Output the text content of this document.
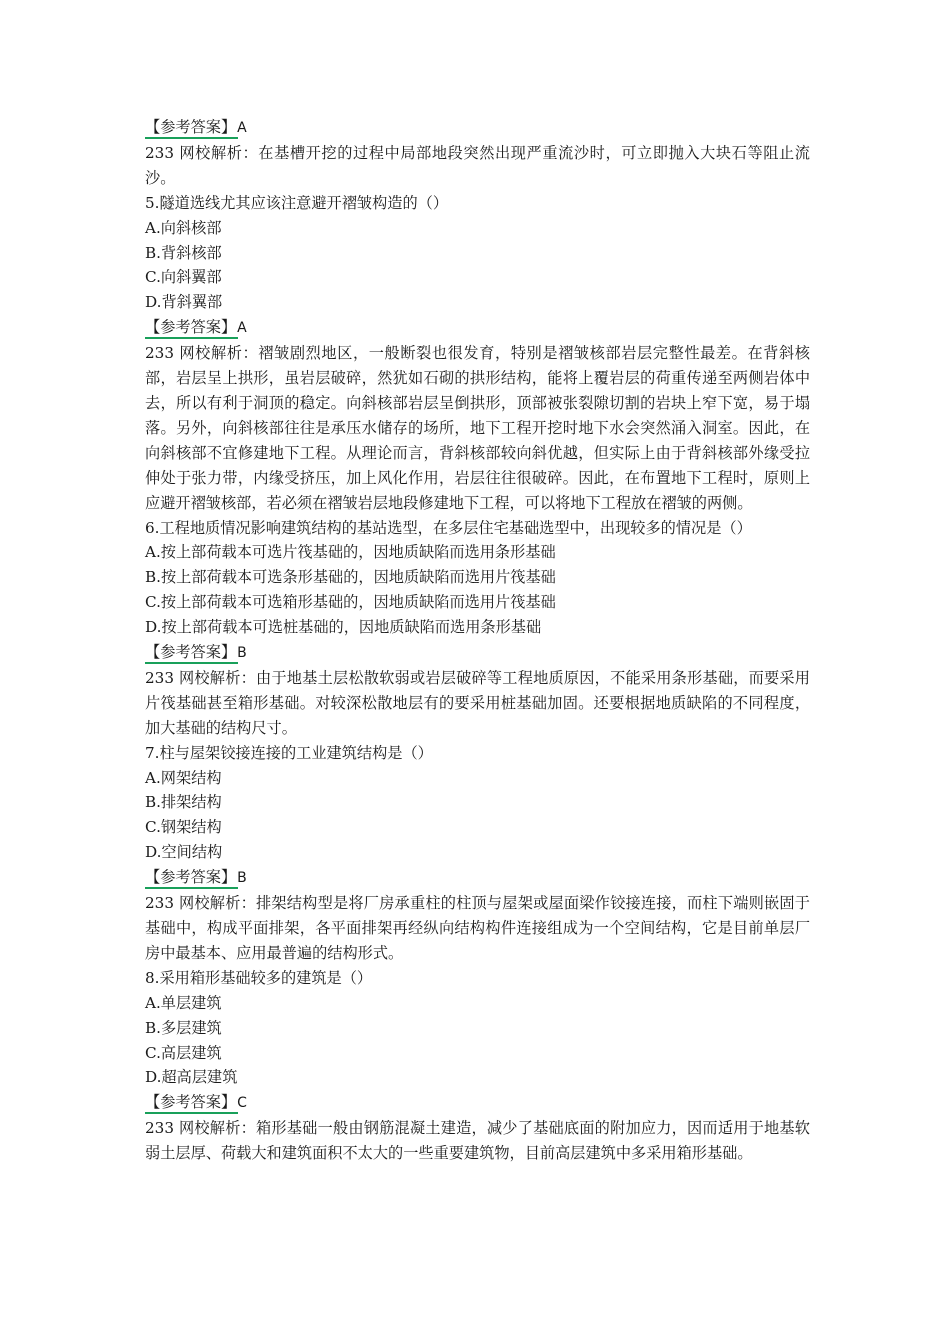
【参考答案】A
233 网校解析：在基槽开挖的过程中局部地段突然出现严重流沙时，可立即抛入大块石等阻止流沙。
5.隧道选线尤其应该注意避开褶皱构造的（）
A.向斜核部
B.背斜核部
C.向斜翼部
D.背斜翼部
【参考答案】A
233 网校解析：褶皱剧烈地区，一般断裂也很发育，特别是褶皱核部岩层完整性最差。在背斜核部，岩层呈上拱形，虽岩层破碎，然犹如石砌的拱形结构，能将上覆岩层的荷重传递至两侧岩体中去，所以有利于洞顶的稳定。向斜核部岩层呈倒拱形，顶部被张裂隙切割的岩块上窄下宽，易于塌落。另外，向斜核部往往是承压水储存的场所，地下工程开挖时地下水会突然涌入洞室。因此，在向斜核部不宜修建地下工程。从理论而言，背斜核部较向斜优越，但实际上由于背斜核部外缘受拉伸处于张力带，内缘受挤压，加上风化作用，岩层往往很破碎。因此，在布置地下工程时，原则上应避开褶皱核部，若必须在褶皱岩层地段修建地下工程，可以将地下工程放在褶皱的两侧。
6.工程地质情况影响建筑结构的基站选型，在多层住宅基础选型中，出现较多的情况是（）
A.按上部荷载本可选片筏基础的，因地质缺陷而选用条形基础
B.按上部荷载本可选条形基础的，因地质缺陷而选用片筏基础
C.按上部荷载本可选箱形基础的，因地质缺陷而选用片筏基础
D.按上部荷载本可选桩基础的，因地质缺陷而选用条形基础
【参考答案】B
233 网校解析：由于地基土层松散软弱或岩层破碎等工程地质原因，不能采用条形基础，而要采用片筏基础甚至箱形基础。对较深松散地层有的要采用桩基础加固。还要根据地质缺陷的不同程度，加大基础的结构尺寸。
7.柱与屋架铰接连接的工业建筑结构是（）
A.网架结构
B.排架结构
C.钢架结构
D.空间结构
【参考答案】B
233 网校解析：排架结构型是将厂房承重柱的柱顶与屋架或屋面梁作铰接连接，而柱下端则嵌固于基础中，构成平面排架，各平面排架再经纵向结构构件连接组成为一个空间结构，它是目前单层厂房中最基本、应用最普遍的结构形式。
8.采用箱形基础较多的建筑是（）
A.单层建筑
B.多层建筑
C.高层建筑
D.超高层建筑
【参考答案】C
233 网校解析：箱形基础一般由钢筋混凝土建造，减少了基础底面的附加应力，因而适用于地基软弱土层厚、荷载大和建筑面积不太大的一些重要建筑物，目前高层建筑中多采用箱形基础。
